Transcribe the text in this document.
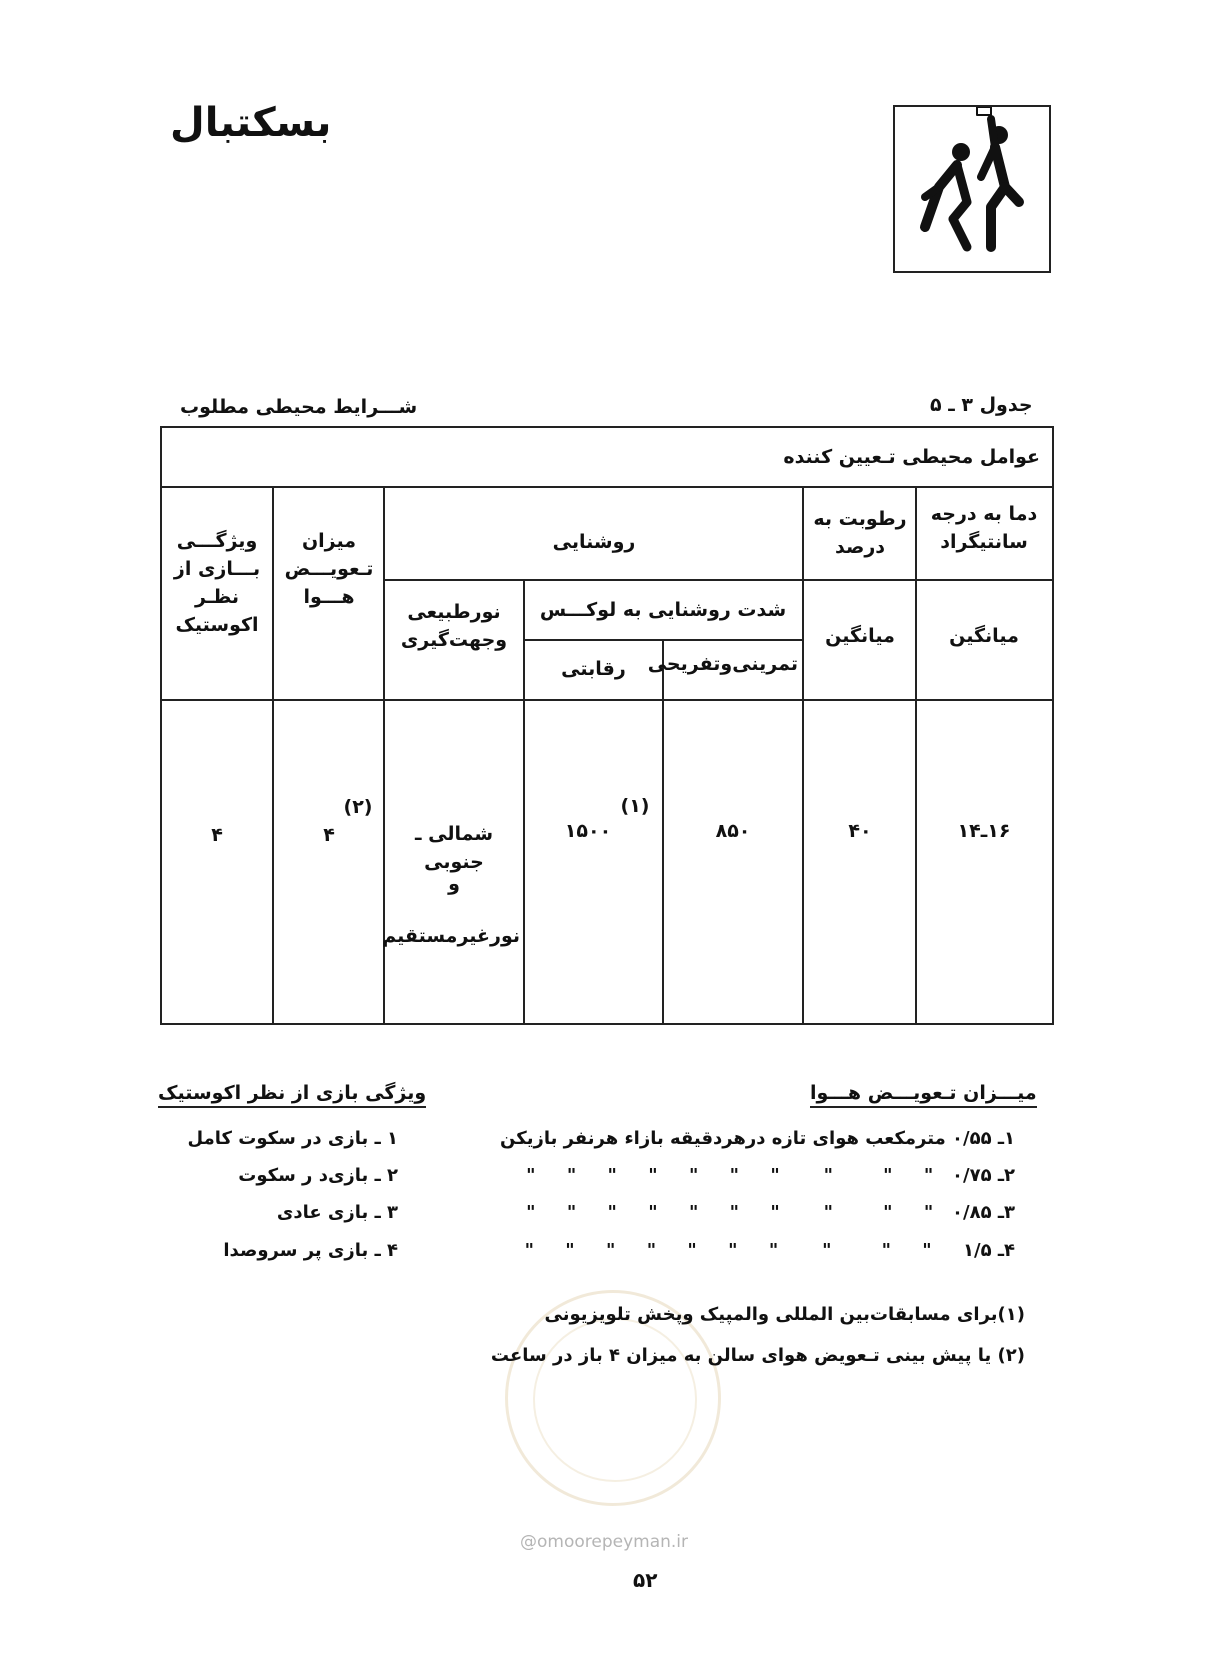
بسکتبال
جدول ۳ ـ ۵
شـــرایط محیطی مطلوب
عوامل محیطی تـعیین کننده
دما به درجه سانتیگراد
رطوبت به درصد
روشنایی
میزان تـعویـــض هـــوا
ویژگـــی بـــازی از نظـر اکوستیک	میانگین
میانگین
شدت روشنایی به لوکـــس
نورطبیعی وجهت‌گیری
تمرینی‌وتفریحی
رقابتی
۱۶ـ۱۴
۴۰
۸۵۰
۱۵۰۰
(۱)
شمالی ـ جنوبی
و
نورغیرمستقیم
۴
(۲)
۴
میـــزان تـعویـــض هـــوا
۱ـ ۰/۵۵ مترمکعب هوای تازه درهردقیقه بازاء هرنفر بازیکن
۲ـ ۰/۷۵   "     "        "       "     "     "     "     "     "     "
۳ـ ۰/۸۵   "     "        "       "     "     "     "     "     "     "
۴ـ ۱/۵     "     "        "       "     "     "     "     "     "     "
ویژگی بازی از نظر اکوستیک
۱ ـ بازی در سکوت کامل
۲ ـ بازی‌د ر سکوت
۳ ـ بازی عادی
۴ ـ بازی پر سروصدا
(۱)برای مسابقات‌بین المللی والمپیک وپخش تلویزیونی
(۲) یا پیش بینی تـعویض هوای سالن به میزان ۴ باز در ساعت
@omoorepeyman.ir
۵۲
